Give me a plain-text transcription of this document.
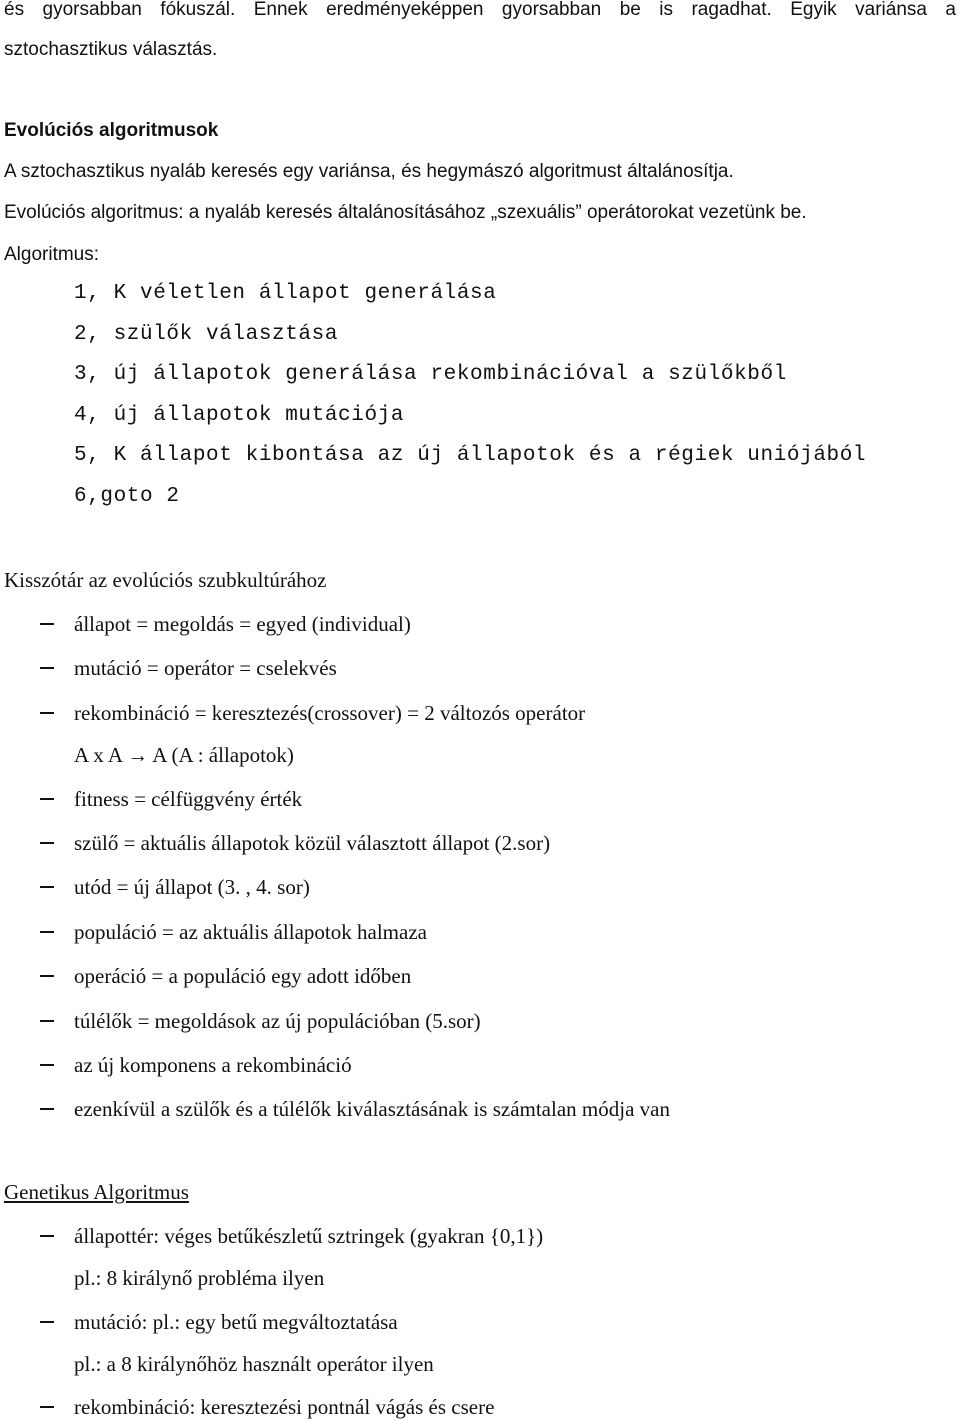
és gyorsabban fókuszál. Ennek eredményeképpen gyorsabban be is ragadhat. Egyik variánsa a
sztochasztikus választás.
Evolúciós algoritmusok
A sztochasztikus nyaláb keresés egy variánsa, és hegymászó algoritmust általánosítja.
Evolúciós algoritmus: a nyaláb keresés általánosításához „szexuális” operátorokat vezetünk be.
Algoritmus:
1, K véletlen állapot generálása
2, szülők választása
3, új állapotok generálása rekombinációval a szülőkből
4, új állapotok mutációja
5, K állapot kibontása az új állapotok és a régiek uniójából
6,goto 2
Kisszótár az evolúciós szubkultúrához
állapot = megoldás = egyed (individual)
mutáció = operátor = cselekvés
rekombináció = keresztezés(crossover) = 2 változós operátor
A x A → A (A : állapotok)
fitness = célfüggvény érték
szülő = aktuális állapotok közül választott állapot (2.sor)
utód = új állapot (3. , 4. sor)
populáció = az aktuális állapotok halmaza
operáció = a populáció egy adott időben
túlélők = megoldások az új populációban (5.sor)
az új komponens a rekombináció
ezenkívül a szülők és a túlélők kiválasztásának is számtalan módja van
Genetikus Algoritmus
állapottér: véges betűkészletű sztringek (gyakran {0,1})
pl.: 8 királynő probléma ilyen
mutáció: pl.: egy betű megváltoztatása
pl.: a 8 királynőhöz használt operátor ilyen
rekombináció: keresztezési pontnál vágás és csere
